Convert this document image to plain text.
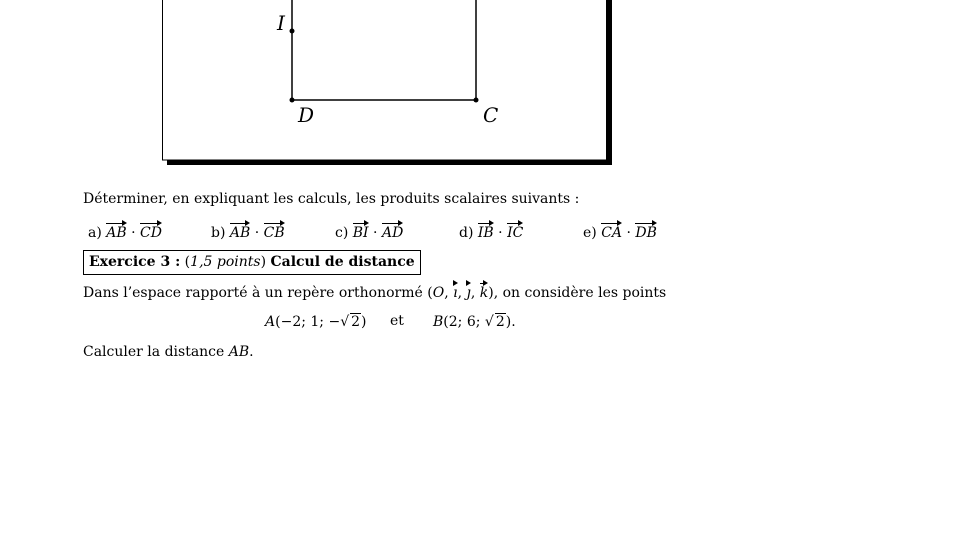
I
D	C
Déterminer, en expliquant les calculs, les produits scalaires suivants :
a) AB · CD	b) AB · CB	c) BI · AD	d) IB · IC	e) CA · DB
Exercice 3 : (1,5 points) Calcul de distance
Dans l’espace rapporté à un repère orthonormé (O, ı, ȷ, k), on considère les points
A(−2; 1; −√ 2) et B(2; 6; √ 2).
Calculer la distance AB.
